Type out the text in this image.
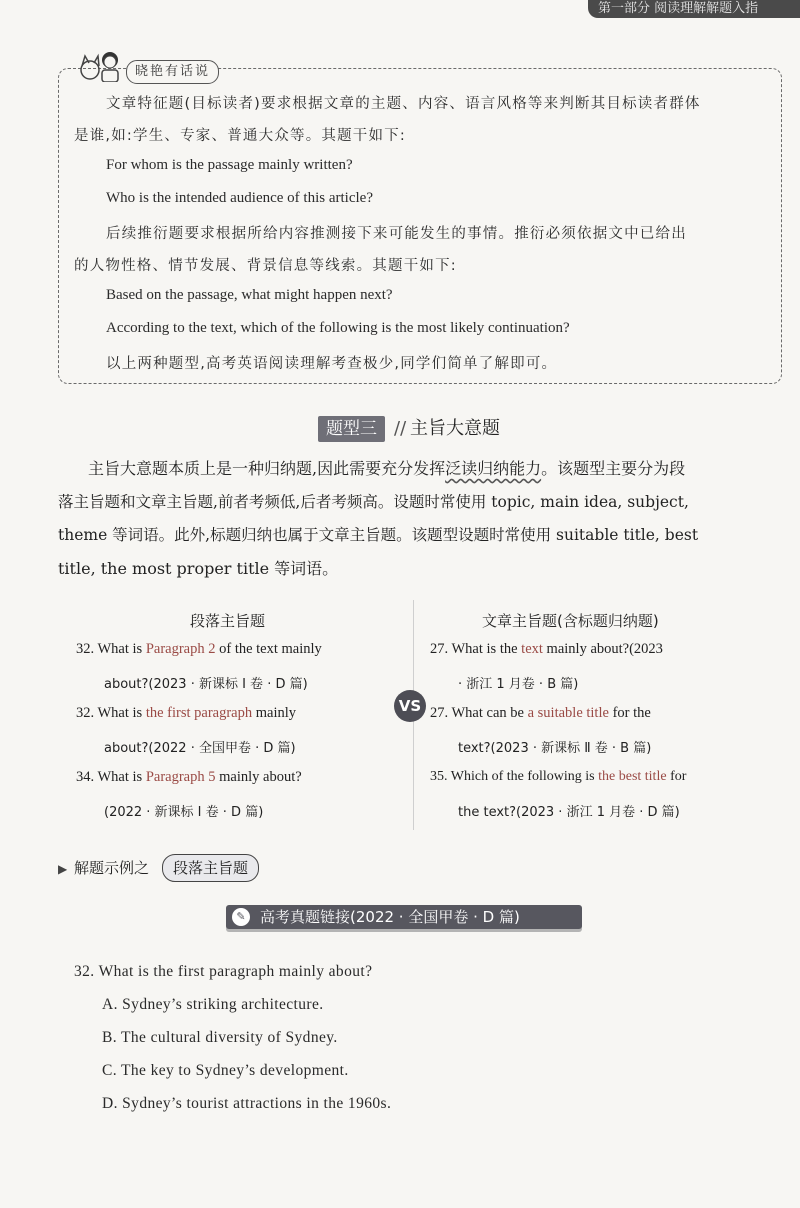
第一部分 阅读理解解题入指
晓艳有话说
文章特征题(目标读者)要求根据文章的主题、内容、语言风格等来判断其目标读者群体
是谁,如:学生、专家、普通大众等。其题干如下:
For whom is the passage mainly written?
Who is the intended audience of this article?
后续推衍题要求根据所给内容推测接下来可能发生的事情。推衍必须依据文中已给出
的人物性格、情节发展、背景信息等线索。其题干如下:
Based on the passage, what might happen next?
According to the text, which of the following is the most likely continuation?
以上两种题型,高考英语阅读理解考查极少,同学们简单了解即可。
题型三 // 主旨大意题
主旨大意题本质上是一种归纳题,因此需要充分发挥泛读归纳能力。该题型主要分为段
落主旨题和文章主旨题,前者考频低,后者考频高。设题时常使用 topic, main idea, subject,
theme 等词语。此外,标题归纳也属于文章主旨题。该题型设题时常使用 suitable title, best
title, the most proper title 等词语。
段落主旨题	文章主旨题(含标题归纳题)
VS
32. What is Paragraph 2 of the text mainly
about?(2023 · 新课标 Ⅰ 卷 · D 篇)
32. What is the first paragraph mainly
about?(2022 · 全国甲卷 · D 篇)
34. What is Paragraph 5 mainly about?
(2022 · 新课标 Ⅰ 卷 · D 篇)
27. What is the text mainly about?(2023
· 浙江 1 月卷 · B 篇)
27. What can be a suitable title for the
text?(2023 · 新课标 Ⅱ 卷 · B 篇)
35. Which of the following is the best title for
the text?(2023 · 浙江 1 月卷 · D 篇)
▶ 解题示例之	段落主旨题
✎ 高考真题链接(2022 · 全国甲卷 · D 篇)
32. What is the first paragraph mainly about?
A. Sydney’s striking architecture.
B. The cultural diversity of Sydney.
C. The key to Sydney’s development.
D. Sydney’s tourist attractions in the 1960s.
